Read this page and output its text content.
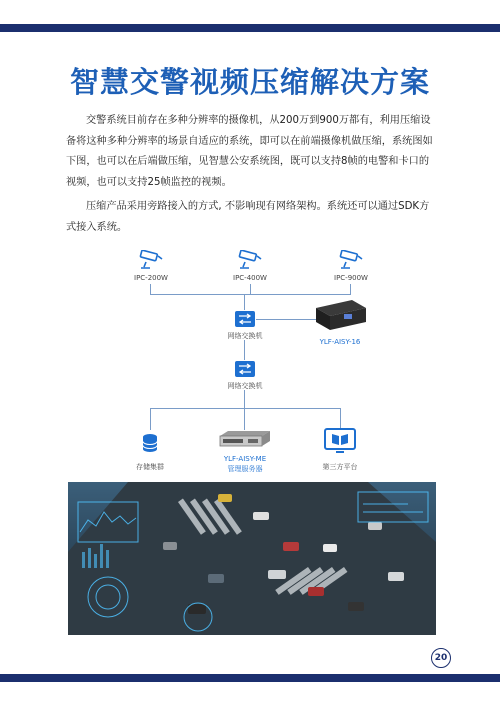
智慧交警视频压缩解决方案

交警系统目前存在多种分辨率的摄像机，从200万到900万都有，利用压缩设备将这种多种分辨率的场景自适应的系统，即可以在前端摄像机做压缩，系统图如下图，也可以在后端做压缩，见智慧公安系统图，既可以支持8帧的电警和卡口的视频，也可以支持25帧监控的视频。

压缩产品采用旁路接入的方式, 不影响现有网络架构。系统还可以通过SDK方式接入系统。

IPC-200W	IPC-400W	IPC-900W
网络交换机
YLF-AISY-16
网络交换机
存储集群
YLF-AISY-ME
管理服务器	第三方平台
20
